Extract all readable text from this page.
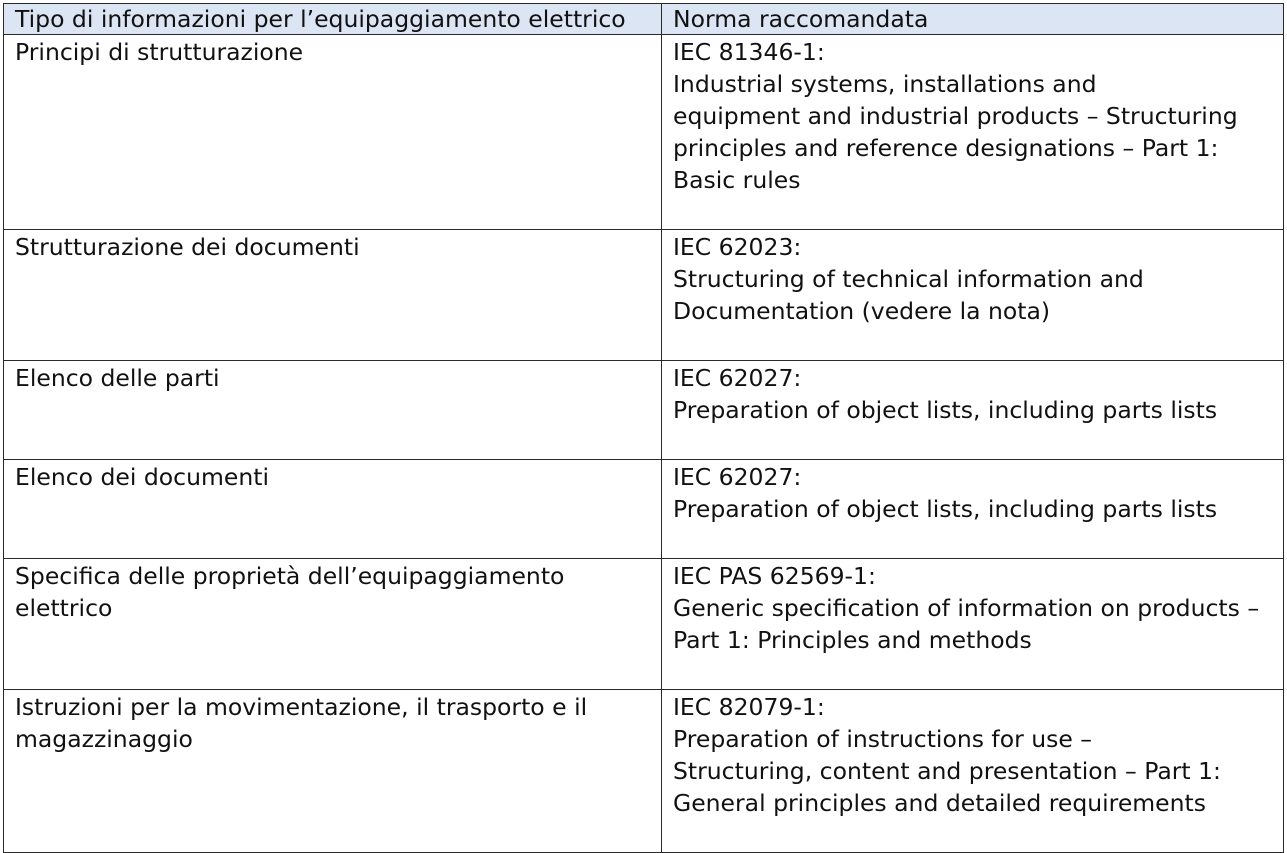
Tipo di informazioni per l’equipaggiamento elettrico	Norma raccomandata
Principi di strutturazione	IEC 81346-1:
Industrial systems, installations and
equipment and industrial products – Structuring
principles and reference designations – Part 1:
Basic rules

Strutturazione dei documenti	IEC 62023:
Structuring of technical information and
Documentation (vedere la nota)

Elenco delle parti	IEC 62027:
Preparation of object lists, including parts lists

Elenco dei documenti	IEC 62027:
Preparation of object lists, including parts lists

Specifica delle proprietà dell’equipaggiamento
elettrico	IEC PAS 62569-1:
Generic specification of information on products –
Part 1: Principles and methods

Istruzioni per la movimentazione, il trasporto e il
magazzinaggio	IEC 82079-1:
Preparation of instructions for use –
Structuring, content and presentation – Part 1:
General principles and detailed requirements
